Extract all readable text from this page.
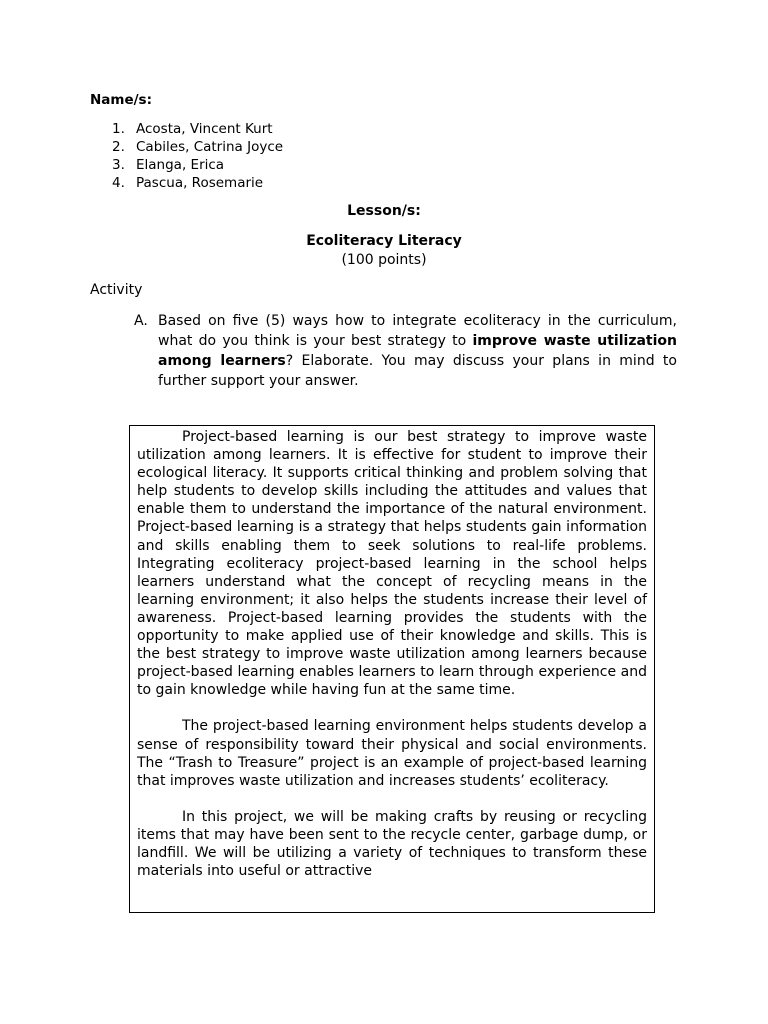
Name/s:
1. Acosta, Vincent Kurt
2. Cabiles, Catrina Joyce
3. Elanga, Erica
4. Pascua, Rosemarie
Lesson/s:
Ecoliteracy Literacy
(100 points)
Activity
A. Based on five (5) ways how to integrate ecoliteracy in the curriculum, what do you think is your best strategy to improve waste utilization among learners? Elaborate. You may discuss your plans in mind to further support your answer.

Project-based learning is our best strategy to improve waste utilization among learners. It is effective for student to improve their ecological literacy. It supports critical thinking and problem solving that help students to develop skills including the attitudes and values that enable them to understand the importance of the natural environment. Project-based learning is a strategy that helps students gain information and skills enabling them to seek solutions to real-life problems. Integrating ecoliteracy project-based learning in the school helps learners understand what the concept of recycling means in the learning environment; it also helps the students increase their level of awareness. Project-based learning provides the students with the opportunity to make applied use of their knowledge and skills. This is the best strategy to improve waste utilization among learners because project-based learning enables learners to learn through experience and to gain knowledge while having fun at the same time.

The project-based learning environment helps students develop a sense of responsibility toward their physical and social environments. The “Trash to Treasure” project is an example of project-based learning that improves waste utilization and increases students’ ecoliteracy.

In this project, we will be making crafts by reusing or recycling items that may have been sent to the recycle center, garbage dump, or landfill. We will be utilizing a variety of techniques to transform these materials into useful or attractive
